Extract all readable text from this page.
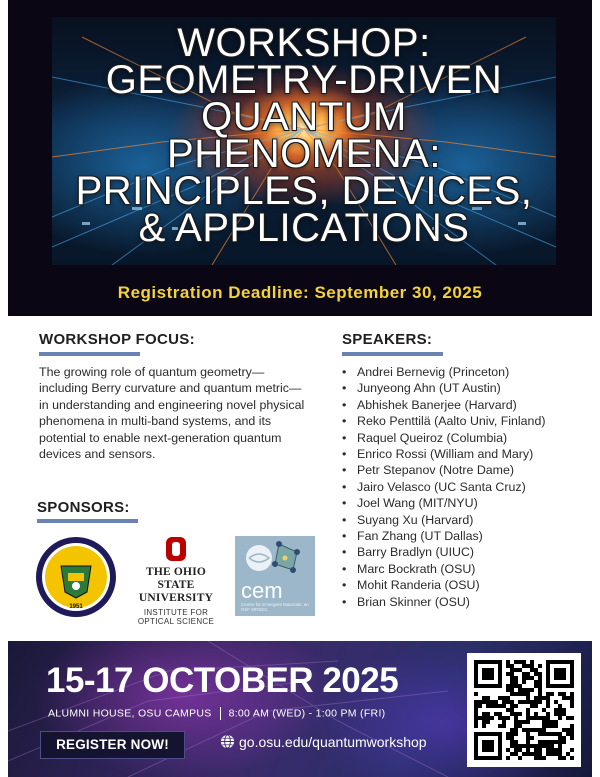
WORKSHOP:
GEOMETRY-DRIVEN
QUANTUM
PHENOMENA:
PRINCIPLES, DEVICES,
& APPLICATIONS
Registration Deadline: September 30, 2025
WORKSHOP FOCUS:

The growing role of quantum geometry—including Berry curvature and quantum metric—in understanding and engineering novel physical phenomena in multi-band systems, and its potential to enable next-generation quantum devices and sensors.

SPONSORS:
1951
THE OHIO STATE
UNIVERSITY
INSTITUTE FOR
OPTICAL SCIENCE
cem
Center for Emergent Materials: an NSF MRSEC
SPEAKERS:
• Andrei Bernevig (Princeton)
• Junyeong Ahn (UT Austin)
• Abhishek Banerjee (Harvard)
• Reko Penttilä (Aalto Univ, Finland)
• Raquel Queiroz (Columbia)
• Enrico Rossi (William and Mary)
• Petr Stepanov (Notre Dame)
• Jairo Velasco (UC Santa Cruz)
• Joel Wang (MIT/NYU)
• Suyang Xu (Harvard)
• Fan Zhang (UT Dallas)
• Barry Bradlyn (UIUC)
• Marc Bockrath (OSU)
• Mohit Randeria (OSU)
• Brian Skinner (OSU)
15-17 OCTOBER 2025
ALUMNI HOUSE, OSU CAMPUS 8:00 AM (WED) - 1:00 PM (FRI)
REGISTER NOW!	go.osu.edu/quantumworkshop
